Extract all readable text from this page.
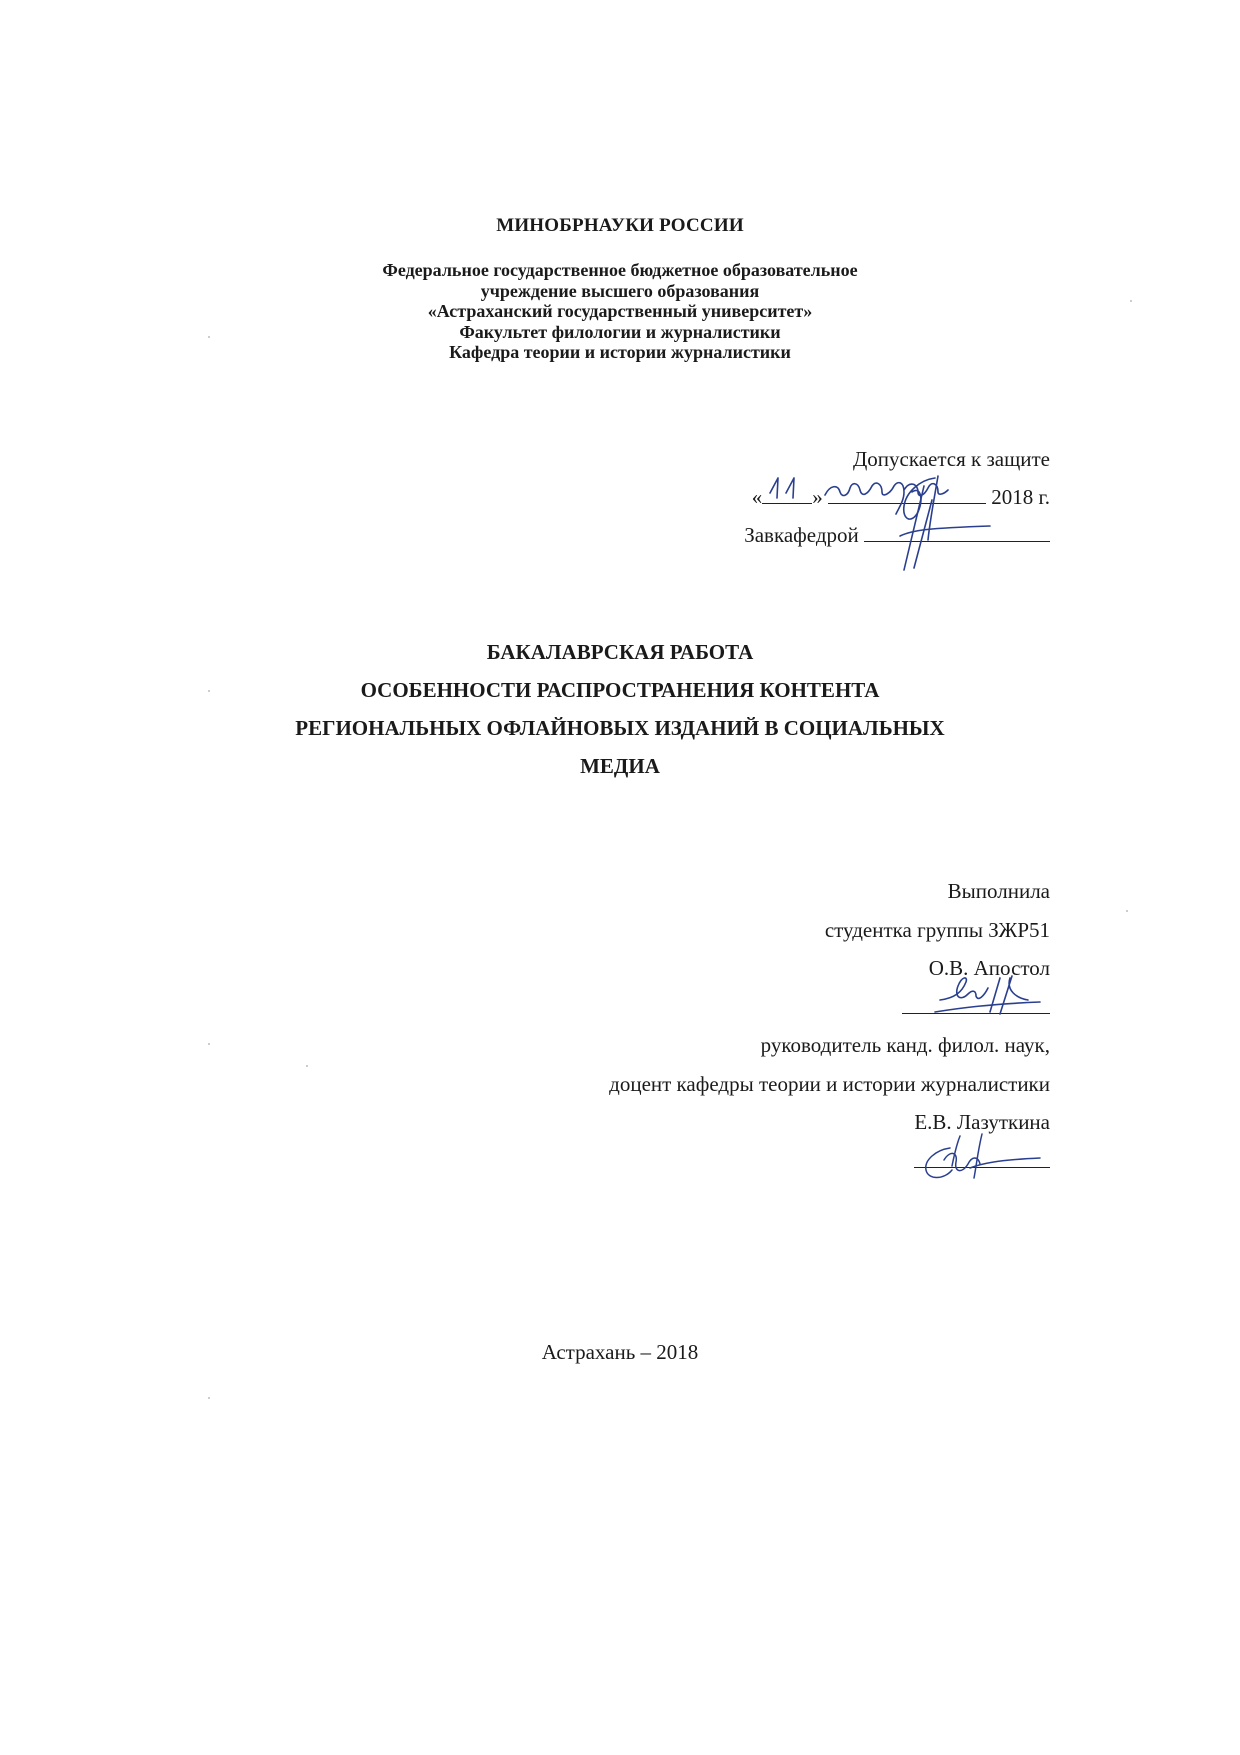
МИНОБРНАУКИ РОССИИ
Федеральное государственное бюджетное образовательное
учреждение высшего образования
«Астраханский государственный университет»
Факультет филологии и журналистики
Кафедра теории и истории журналистики
Допускается к защите
« »	2018 г.
Завкафедрой
БАКАЛАВРСКАЯ РАБОТА
ОСОБЕННОСТИ РАСПРОСТРАНЕНИЯ КОНТЕНТА
РЕГИОНАЛЬНЫХ ОФЛАЙНОВЫХ ИЗДАНИЙ В СОЦИАЛЬНЫХ
МЕДИА
Выполнила
студентка группы ЗЖР51
О.В. Апостол
руководитель канд. филол. наук,
доцент кафедры теории и истории журналистики
Е.В. Лазуткина
Астрахань – 2018
